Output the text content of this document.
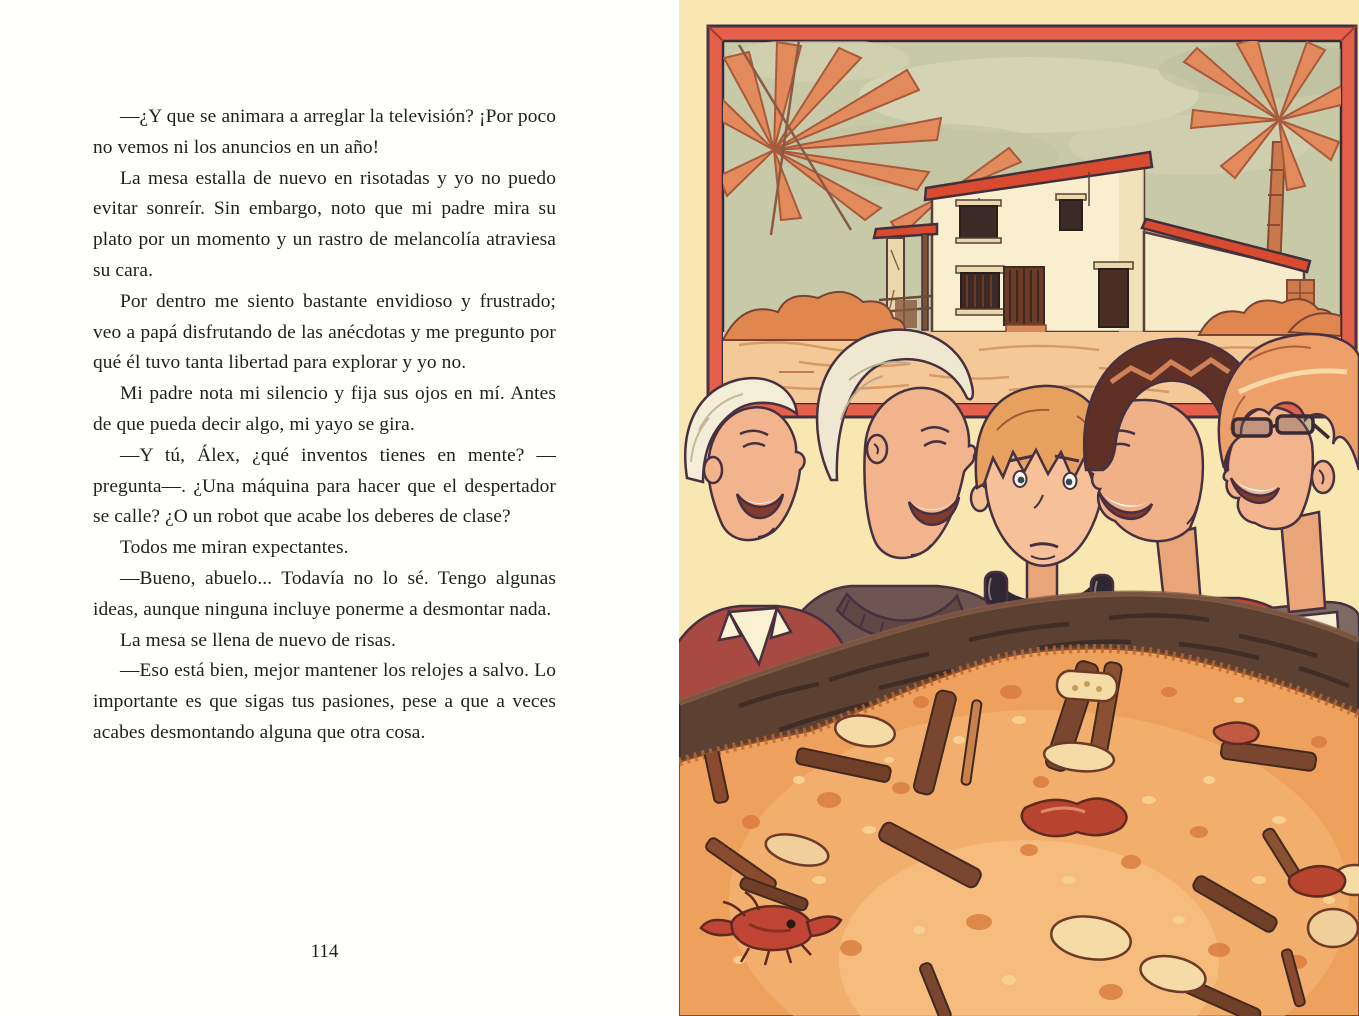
—¿Y que se animara a arreglar la televisión? ¡Por poco no vemos ni los anuncios en un año!

La mesa estalla de nuevo en risotadas y yo no puedo evitar sonreír. Sin embargo, noto que mi padre mira su plato por un momento y un rastro de melancolía atraviesa su cara.

Por dentro me siento bastante envidioso y frustrado; veo a papá disfrutando de las anécdotas y me pregunto por qué él tuvo tanta libertad para explorar y yo no.

Mi padre nota mi silencio y fija sus ojos en mí. Antes de que pueda decir algo, mi yayo se gira.

—Y tú, Álex, ¿qué inventos tienes en mente? —pregunta—. ¿Una máquina para hacer que el despertador se calle? ¿O un robot que acabe los deberes de clase?

Todos me miran expectantes.

—Bueno, abuelo... Todavía no lo sé. Tengo algunas ideas, aunque ninguna incluye ponerme a desmontar nada.

La mesa se llena de nuevo de risas.

—Eso está bien, mejor mantener los relojes a salvo. Lo importante es que sigas tus pasiones, pese a que a veces acabes desmontando alguna que otra cosa.

114
